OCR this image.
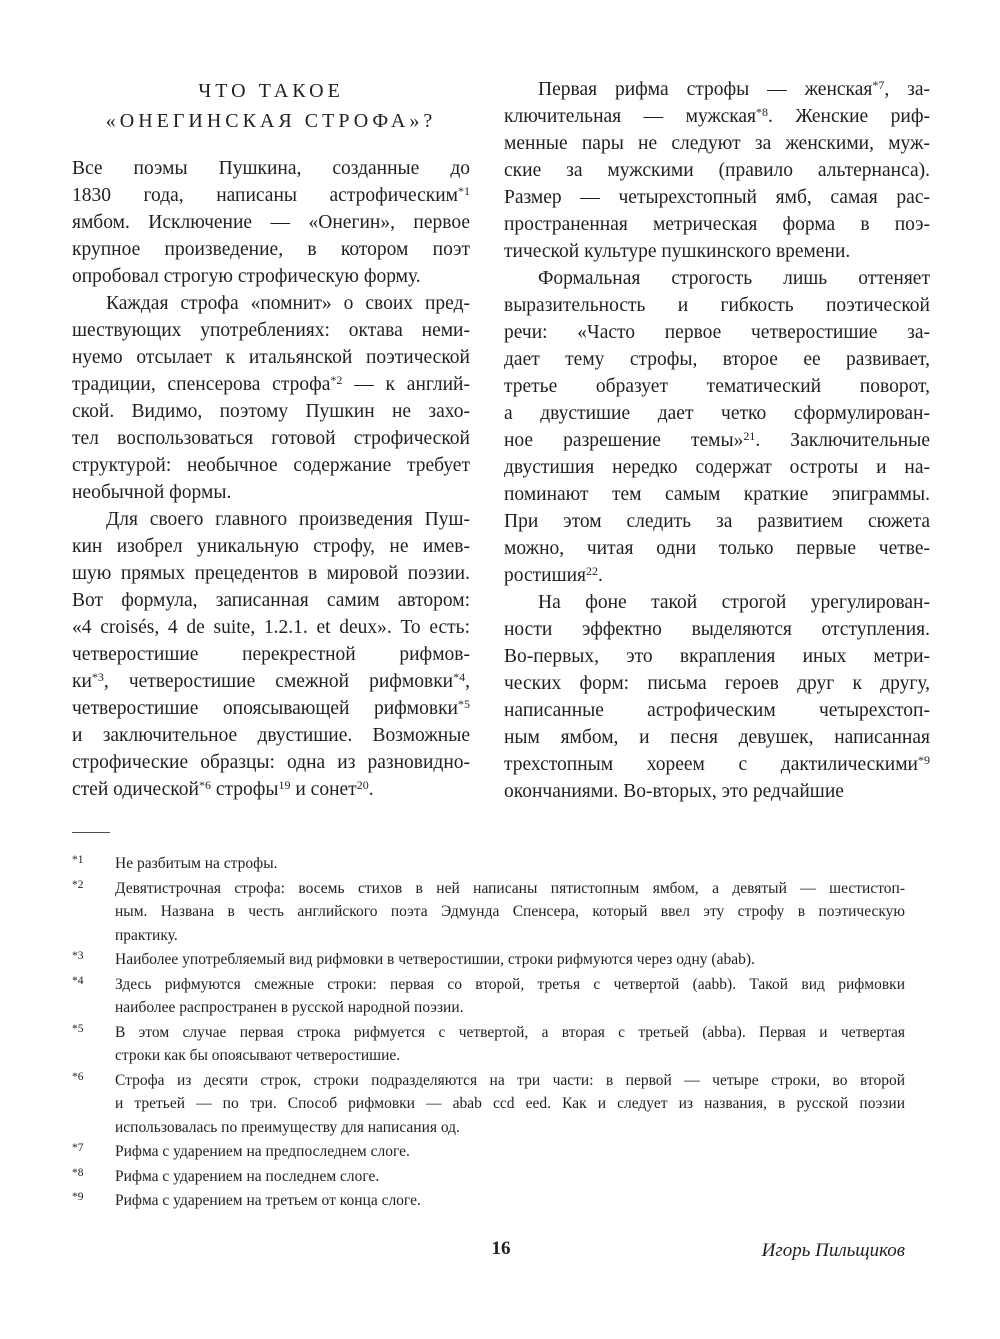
ЧТО ТАКОЕ
«ОНЕГИНСКАЯ СТРОФА»?
Все поэмы Пушкина, созданные до
1830 года, написаны астрофическим$^{*1}$
ямбом. Исключение — «Онегин», первое
крупное произведение, в котором поэт
опробовал строгую строфическую форму.
Каждая строфа «помнит» о своих пред-
шествующих употреблениях: октава неми-
нуемо отсылает к итальянской поэтической
традиции, спенсерова строфа$^{*2}$ — к англий-
ской. Видимо, поэтому Пушкин не захо-
тел воспользоваться готовой строфической
структурой: необычное содержание требует
необычной формы.
Для своего главного произведения Пуш-
кин изобрел уникальную строфу, не имев-
шую прямых прецедентов в мировой поэзии.
Вот формула, записанная самим автором:
«4 croisés, 4 de suite, 1.2.1. et deux». То есть:
четверостишие перекрестной рифмов-
$ки^{*3}$, четверостишие смежной рифмовки$^{*4}$,
четверостишие опоясывающей рифмовки$^{*5}$
и заключительное двустишие. Возможные
строфические образцы: одна из разновидно-
стей одической$^{*6}$ строфы$^{19}$ и сонет$^{20}$.
Первая рифма строфы — женская$^{*7}$, за-
ключительная — мужская$^{*8}$. Женские риф-
менные пары не следуют за женскими, муж-
ские за мужскими (правило альтернанса).
Размер — четырехстопный ямб, самая рас-
пространенная метрическая форма в поэ-
тической культуре пушкинского времени.
Формальная строгость лишь оттеняет
выразительность и гибкость поэтической
речи: «Часто первое четверостишие за-
дает тему строфы, второе ее развивает,
третье образует тематический поворот,
а двустишие дает четко сформулирован-
ное разрешение темы»$^{21}$. Заключительные
двустишия нередко содержат остроты и на-
поминают тем самым краткие эпиграммы.
При этом следить за развитием сюжета
можно, читая одни только первые четве-
ростишия$^{22}$.
На фоне такой строгой урегулирован-
ности эффектно выделяются отступления.
Во-первых, это вкрапления иных метри-
ческих форм: письма героев друг к другу,
написанные астрофическим четырехстоп-
ным ямбом, и песня девушек, написанная
трехстопным хореем с дактилическими$^{*9}$
окончаниями. Во-вторых, это редчайшие
*1	Не разбитым на строфы.
*2	Девятистрочная строфа: восемь стихов в ней написаны пятистопным ямбом, а девятый — шестистоп-
ным. Названа в честь английского поэта Эдмунда Спенсера, который ввел эту строфу в поэтическую
практику.
*3	Наиболее употребляемый вид рифмовки в четверостишии, строки рифмуются через одну (abab).
*4	Здесь рифмуются смежные строки: первая со второй, третья с четвертой (aabb). Такой вид рифмовки
наиболее распространен в русской народной поэзии.
*5	В этом случае первая строка рифмуется с четвертой, а вторая с третьей (abba). Первая и четвертая
строки как бы опоясывают четверостишие.
*6	Строфа из десяти строк, строки подразделяются на три части: в первой — четыре строки, во второй
и третьей — по три. Способ рифмовки — abab ccd eed. Как и следует из названия, в русской поэзии
использовалась по преимуществу для написания од.
*7	Рифма с ударением на предпоследнем слоге.
*8	Рифма с ударением на последнем слоге.
*9	Рифма с ударением на третьем от конца слоге.
16	Игорь Пильщиков
